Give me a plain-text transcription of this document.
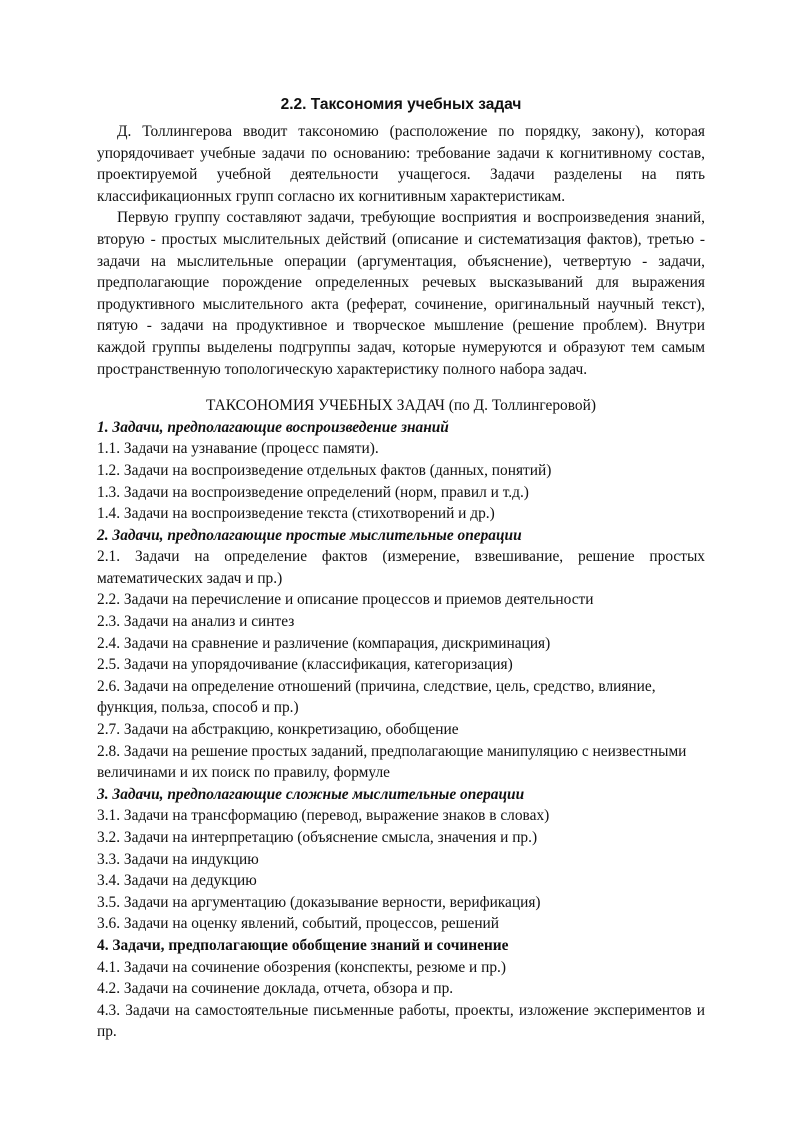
2.2. Таксономия учебных задач

Д. Толлингерова вводит таксономию (расположение по порядку, закону), которая упорядочивает учебные задачи по основанию: требование задачи к когнитивному состав, проектируемой учебной деятельности учащегося. Задачи разделены на пять классификационных групп согласно их когнитивным характеристикам.

Первую группу составляют задачи, требующие восприятия и воспроизведения знаний, вторую - простых мыслительных действий (описание и систематизация фактов), третью - задачи на мыслительные операции (аргументация, объяснение), четвертую - задачи, предполагающие порождение определенных речевых высказываний для выражения продуктивного мыслительного акта (реферат, сочинение, оригинальный научный текст), пятую - задачи на продуктивное и творческое мышление (решение проблем). Внутри каждой группы выделены подгруппы задач, которые нумеруются и образуют тем самым пространственную топологическую характеристику полного набора задач.

ТАКСОНОМИЯ УЧЕБНЫХ ЗАДАЧ (по Д. Толлингеровой)
1. Задачи, предполагающие воспроизведение знаний
1.1. Задачи на узнавание (процесс памяти).
1.2. Задачи на воспроизведение отдельных фактов (данных, понятий)
1.3. Задачи на воспроизведение определений (норм, правил и т.д.)
1.4. Задачи на воспроизведение текста (стихотворений и др.)
2. Задачи, предполагающие простые мыслительные операции
2.1. Задачи на определение фактов (измерение, взвешивание, решение простых математических задач и пр.)
2.2. Задачи на перечисление и описание процессов и приемов деятельности
2.3. Задачи на анализ и синтез
2.4. Задачи на сравнение и различение (компарация, дискриминация)
2.5. Задачи на упорядочивание (классификация, категоризация)
2.6. Задачи на определение отношений (причина, следствие, цель, средство, влияние, функция, польза, способ и пр.)
2.7. Задачи на абстракцию, конкретизацию, обобщение
2.8. Задачи на решение простых заданий, предполагающие манипуляцию с неизвестными величинами и их поиск по правилу, формуле
3. Задачи, предполагающие сложные мыслительные операции
3.1. Задачи на трансформацию (перевод, выражение знаков в словах)
3.2. Задачи на интерпретацию (объяснение смысла, значения и пр.)
3.3. Задачи на индукцию
3.4. Задачи на дедукцию
3.5. Задачи на аргументацию (доказывание верности, верификация)
3.6. Задачи на оценку явлений, событий, процессов, решений
4. Задачи, предполагающие обобщение знаний и сочинение
4.1. Задачи на сочинение обозрения (конспекты, резюме и пр.)
4.2. Задачи на сочинение доклада, отчета, обзора и пр.
4.3. Задачи на самостоятельные письменные работы, проекты, изложение экспериментов и пр.
